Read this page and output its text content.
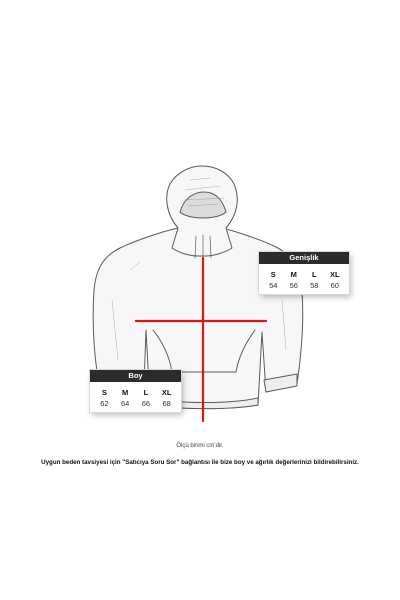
Genişlik
S	M	L	XL
54	56	58	60
Boy
S	M	L	XL
62	64	66	68
Ölçü birimi cm'dir.
Uygun beden tavsiyesi için "Satıcıya Soru Sor" bağlantısı ile bize boy ve ağırlık değerlerinizi bildirebilirsiniz.
